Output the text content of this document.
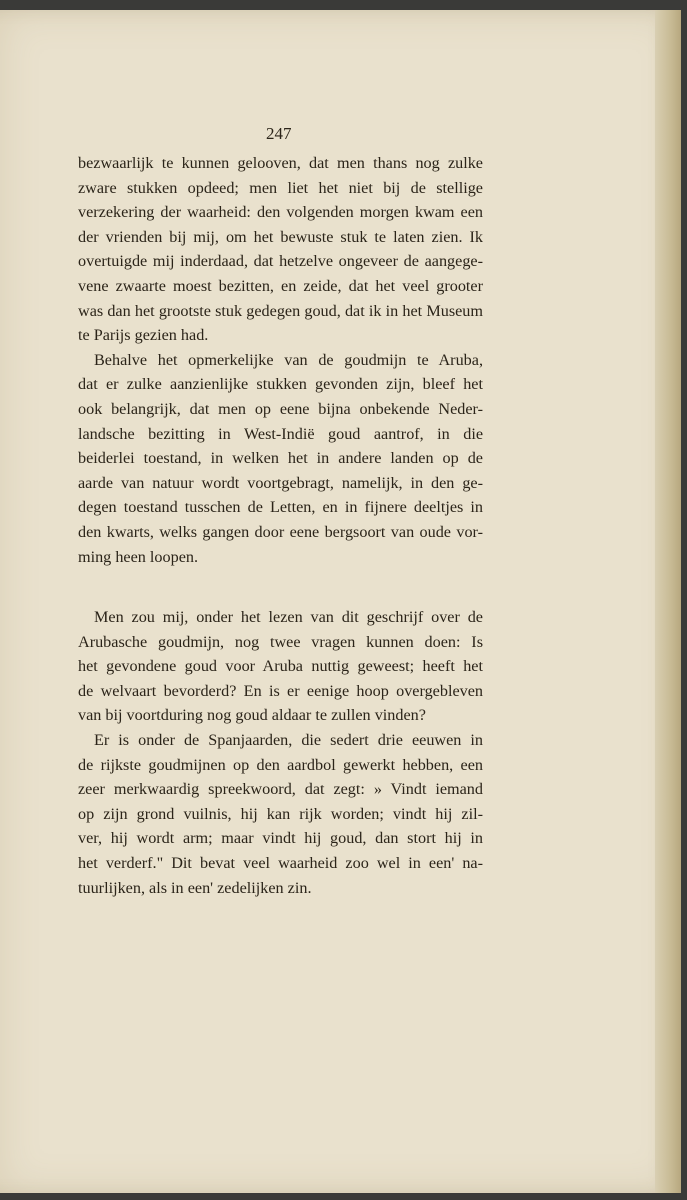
247
bezwaarlijk te kunnen gelooven, dat men thans nog zulke
zware stukken opdeed; men liet het niet bij de stellige
verzekering der waarheid: den volgenden morgen kwam een
der vrienden bij mij, om het bewuste stuk te laten zien. Ik
overtuigde mij inderdaad, dat hetzelve ongeveer de aangege-
vene zwaarte moest bezitten, en zeide, dat het veel grooter
was dan het grootste stuk gedegen goud, dat ik in het Museum
te Parijs gezien had.
Behalve het opmerkelijke van de goudmijn te Aruba,
dat er zulke aanzienlijke stukken gevonden zijn, bleef het
ook belangrijk, dat men op eene bijna onbekende Neder-
landsche bezitting in West-Indië goud aantrof, in die
beiderlei toestand, in welken het in andere landen op de
aarde van natuur wordt voortgebragt, namelijk, in den ge-
degen toestand tusschen de Letten, en in fijnere deeltjes in
den kwarts, welks gangen door eene bergsoort van oude vor-
ming heen loopen.
Men zou mij, onder het lezen van dit geschrijf over de
Arubasche goudmijn, nog twee vragen kunnen doen: Is
het gevondene goud voor Aruba nuttig geweest; heeft het
de welvaart bevorderd? En is er eenige hoop overgebleven
van bij voortduring nog goud aldaar te zullen vinden?
Er is onder de Spanjaarden, die sedert drie eeuwen in
de rijkste goudmijnen op den aardbol gewerkt hebben, een
zeer merkwaardig spreekwoord, dat zegt: » Vindt iemand
op zijn grond vuilnis, hij kan rijk worden; vindt hij zil-
ver, hij wordt arm; maar vindt hij goud, dan stort hij in
het verderf." Dit bevat veel waarheid zoo wel in een' na-
tuurlijken, als in een' zedelijken zin.
